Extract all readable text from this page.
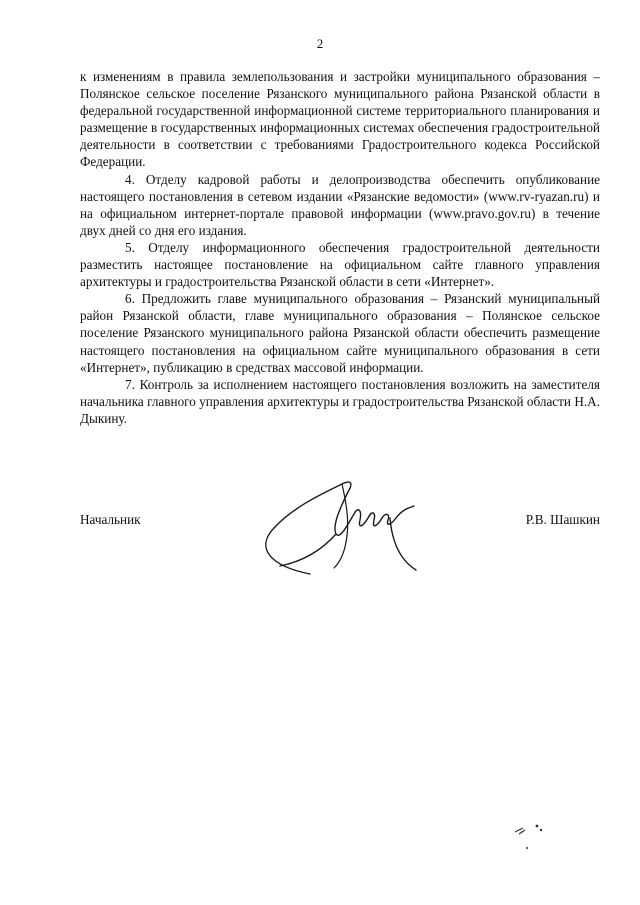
2

к изменениям в правила землепользования и застройки муниципального образования – Полянское сельское поселение Рязанского муниципального района Рязанской области в федеральной государственной информационной системе территориального планирования и размещение в государственных информационных системах обеспечения градостроительной деятельности в соответствии с требованиями Градостроительного кодекса Российской Федерации.

4. Отделу кадровой работы и делопроизводства обеспечить опубликование настоящего постановления в сетевом издании «Рязанские ведомости» (www.rv-ryazan.ru) и на официальном интернет-портале правовой информации (www.pravo.gov.ru) в течение двух дней со дня его издания.

5. Отделу информационного обеспечения градостроительной деятельности разместить настоящее постановление на официальном сайте главного управления архитектуры и градостроительства Рязанской области в сети «Интернет».

6. Предложить главе муниципального образования – Рязанский муниципальный район Рязанской области, главе муниципального образования – Полянское сельское поселение Рязанского муниципального района Рязанской области обеспечить размещение настоящего постановления на официальном сайте муниципального образования в сети «Интернет», публикацию в средствах массовой информации.

7. Контроль за исполнением настоящего постановления возложить на заместителя начальника главного управления архитектуры и градостроительства Рязанской области Н.А. Дыкину.

Начальник	Р.В. Шашкин
